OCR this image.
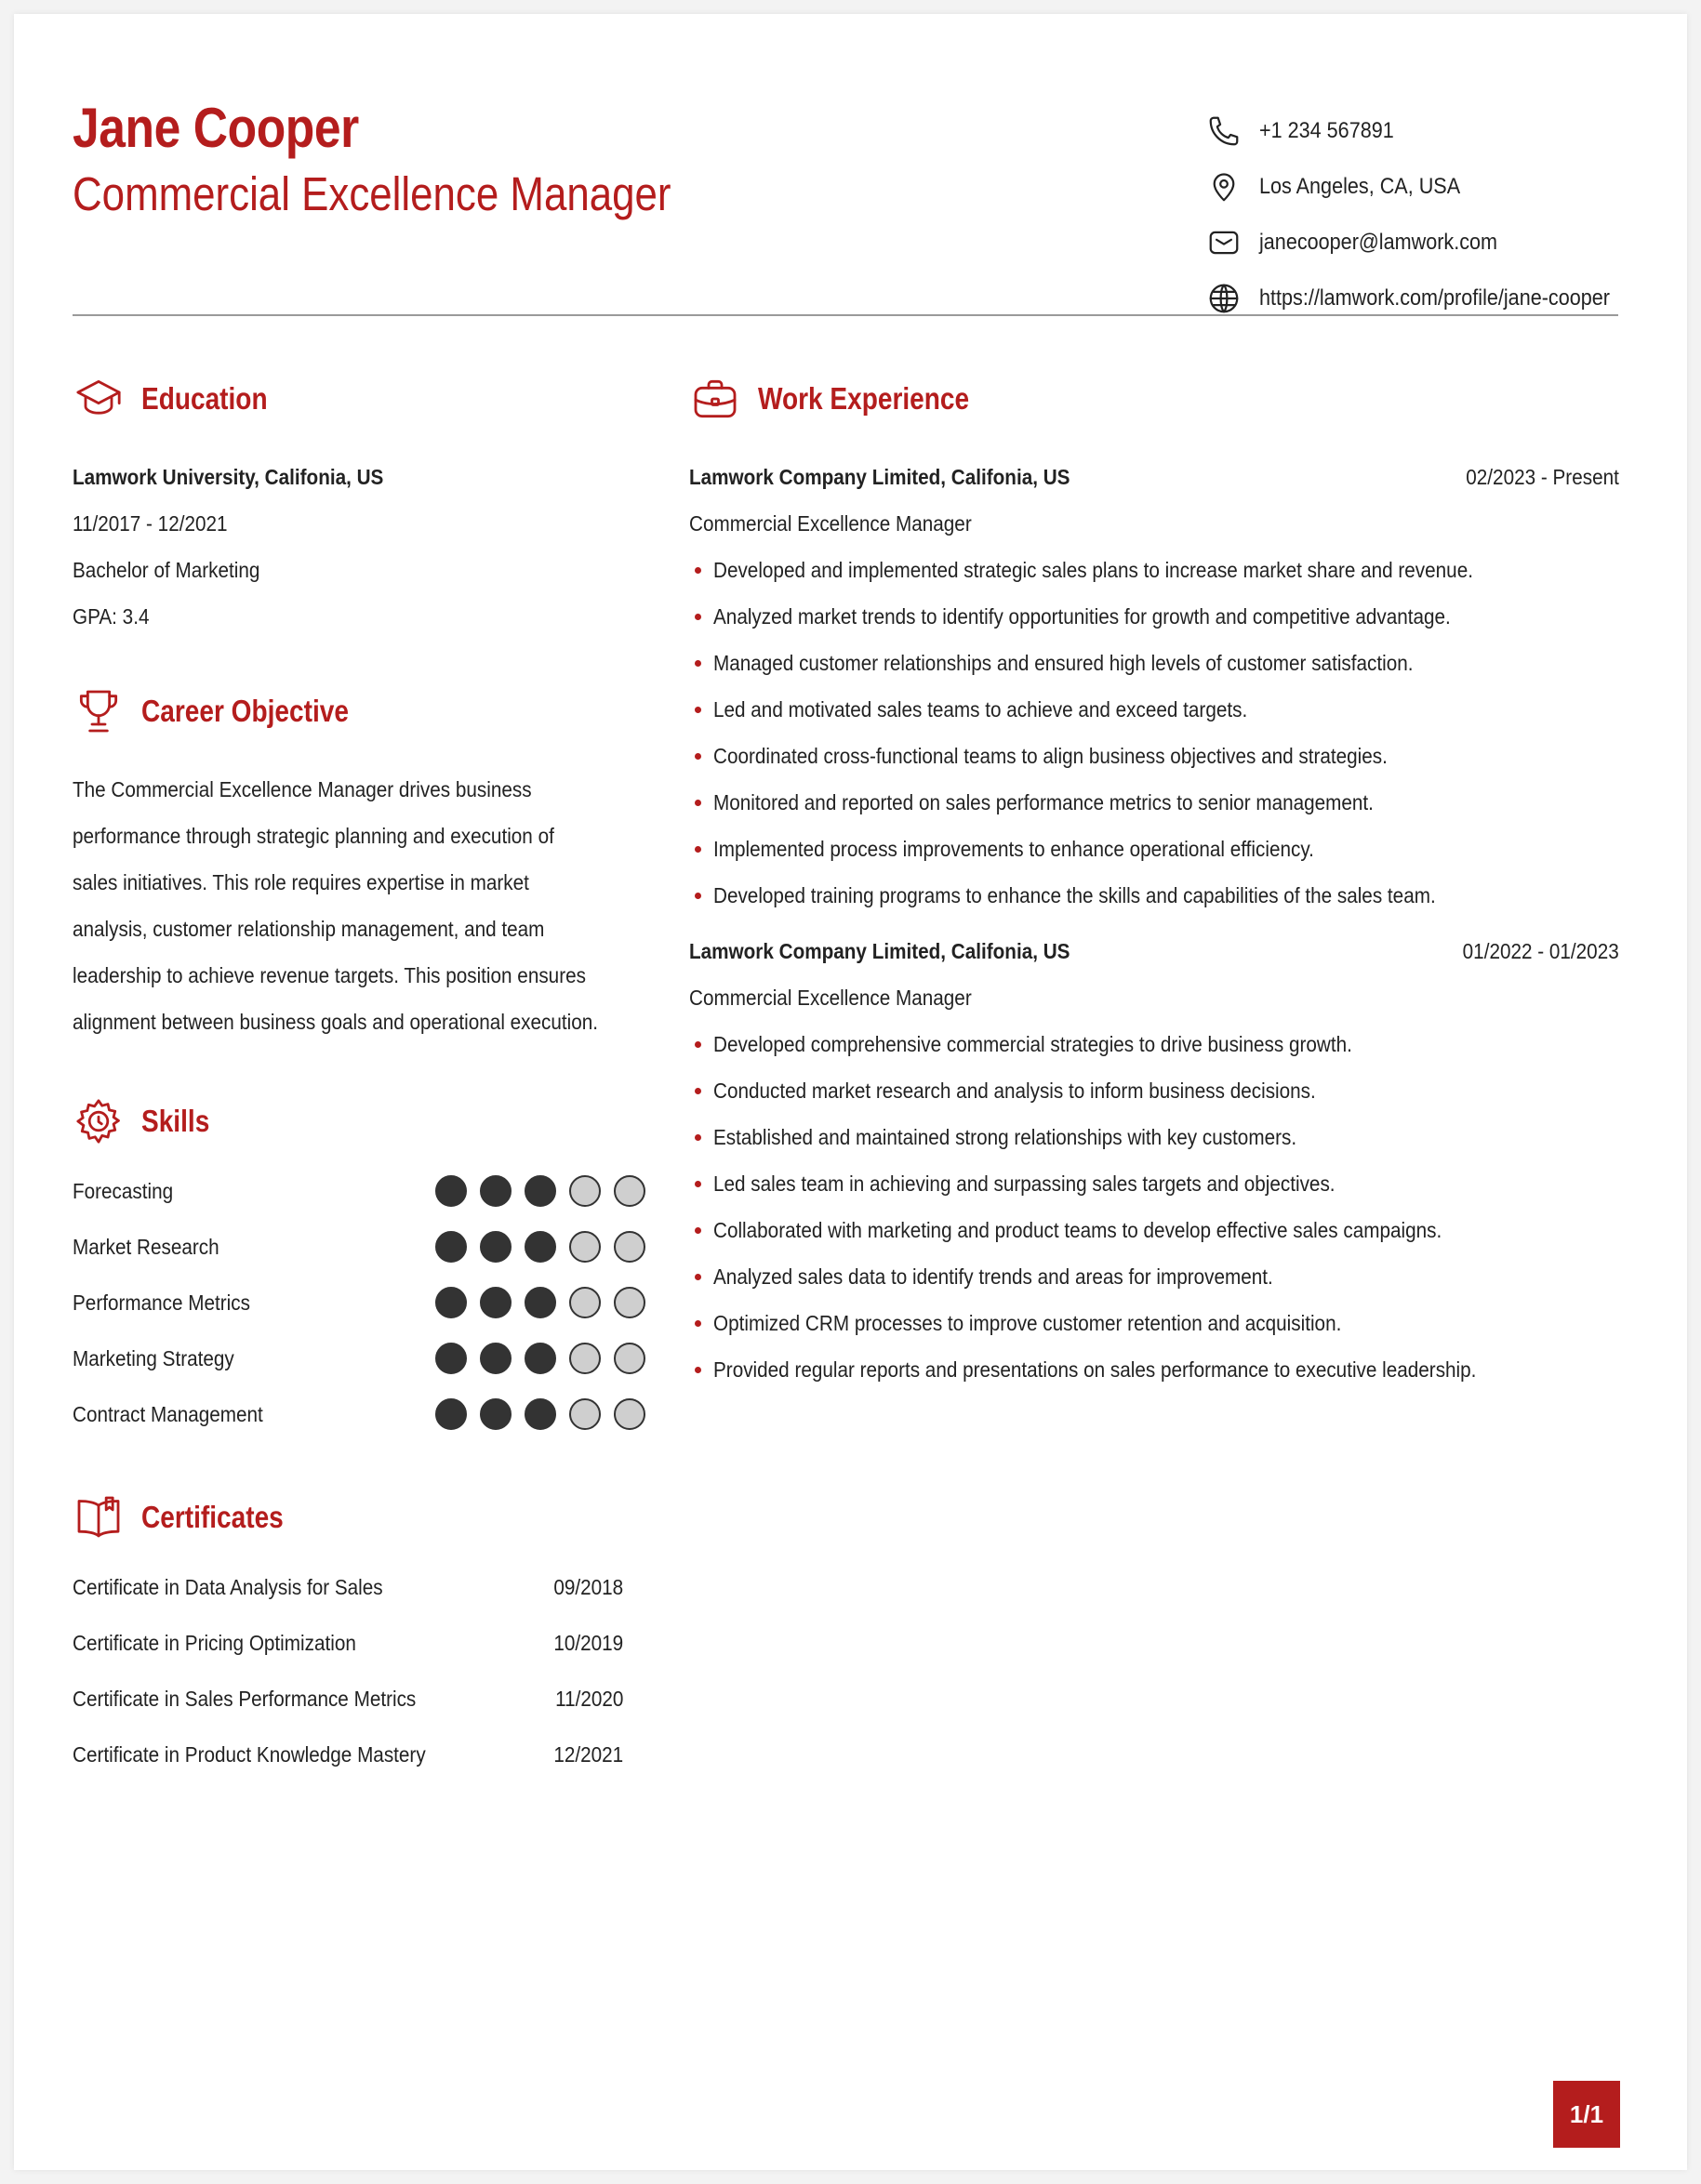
Jane Cooper
Commercial Excellence Manager
+1 234 567891
Los Angeles, CA, USA
janecooper@lamwork.com
https://lamwork.com/profile/jane-cooper
Education
Lamwork University, Califonia, US
11/2017 - 12/2021
Bachelor of Marketing
GPA: 3.4
Career Objective
The Commercial Excellence Manager drives business
performance through strategic planning and execution of
sales initiatives. This role requires expertise in market
analysis, customer relationship management, and team
leadership to achieve revenue targets. This position ensures
alignment between business goals and operational execution.
Skills
Forecasting
Market Research
Performance Metrics
Marketing Strategy
Contract Management
Certificates
Certificate in Data Analysis for Sales	09/2018
Certificate in Pricing Optimization	10/2019
Certificate in Sales Performance Metrics	11/2020
Certificate in Product Knowledge Mastery	12/2021
Work Experience
Lamwork Company Limited, Califonia, US	02/2023 - Present
Commercial Excellence Manager
Developed and implemented strategic sales plans to increase market share and revenue.
Analyzed market trends to identify opportunities for growth and competitive advantage.
Managed customer relationships and ensured high levels of customer satisfaction.
Led and motivated sales teams to achieve and exceed targets.
Coordinated cross-functional teams to align business objectives and strategies.
Monitored and reported on sales performance metrics to senior management.
Implemented process improvements to enhance operational efficiency.
Developed training programs to enhance the skills and capabilities of the sales team.
Lamwork Company Limited, Califonia, US	01/2022 - 01/2023
Commercial Excellence Manager
Developed comprehensive commercial strategies to drive business growth.
Conducted market research and analysis to inform business decisions.
Established and maintained strong relationships with key customers.
Led sales team in achieving and surpassing sales targets and objectives.
Collaborated with marketing and product teams to develop effective sales campaigns.
Analyzed sales data to identify trends and areas for improvement.
Optimized CRM processes to improve customer retention and acquisition.
Provided regular reports and presentations on sales performance to executive leadership.
1/1
